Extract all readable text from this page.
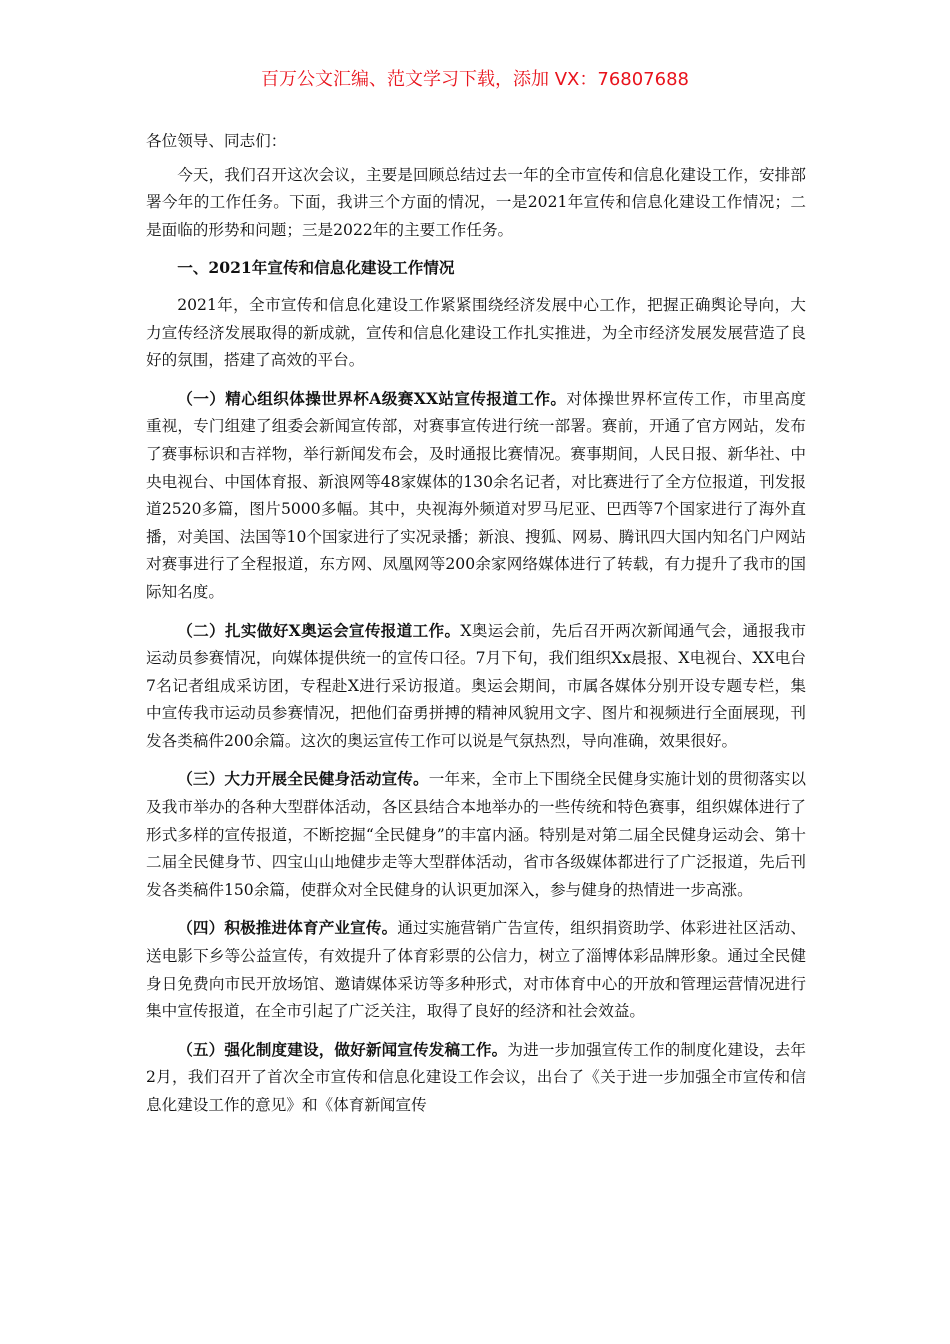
百万公文汇编、范文学习下载，添加 VX：76807688

各位领导、同志们：

今天，我们召开这次会议，主要是回顾总结过去一年的全市宣传和信息化建设工作，安排部署今年的工作任务。下面，我讲三个方面的情况，一是2021年宣传和信息化建设工作情况；二是面临的形势和问题；三是2022年的主要工作任务。

一、2021年宣传和信息化建设工作情况

2021年，全市宣传和信息化建设工作紧紧围绕经济发展中心工作，把握正确舆论导向，大力宣传经济发展取得的新成就，宣传和信息化建设工作扎实推进，为全市经济发展发展营造了良好的氛围，搭建了高效的平台。

（一）精心组织体操世界杯A级赛XX站宣传报道工作。对体操世界杯宣传工作，市里高度重视，专门组建了组委会新闻宣传部，对赛事宣传进行统一部署。赛前，开通了官方网站，发布了赛事标识和吉祥物，举行新闻发布会，及时通报比赛情况。赛事期间，人民日报、新华社、中央电视台、中国体育报、新浪网等48家媒体的130余名记者，对比赛进行了全方位报道，刊发报道2520多篇，图片5000多幅。其中，央视海外频道对罗马尼亚、巴西等7个国家进行了海外直播，对美国、法国等10个国家进行了实况录播；新浪、搜狐、网易、腾讯四大国内知名门户网站对赛事进行了全程报道，东方网、凤凰网等200余家网络媒体进行了转载，有力提升了我市的国际知名度。

（二）扎实做好X奥运会宣传报道工作。X奥运会前，先后召开两次新闻通气会，通报我市运动员参赛情况，向媒体提供统一的宣传口径。7月下旬，我们组织Xx晨报、X电视台、XX电台7名记者组成采访团，专程赴X进行采访报道。奥运会期间，市属各媒体分别开设专题专栏，集中宣传我市运动员参赛情况，把他们奋勇拼搏的精神风貌用文字、图片和视频进行全面展现，刊发各类稿件200余篇。这次的奥运宣传工作可以说是气氛热烈，导向准确，效果很好。

（三）大力开展全民健身活动宣传。一年来，全市上下围绕全民健身实施计划的贯彻落实以及我市举办的各种大型群体活动，各区县结合本地举办的一些传统和特色赛事，组织媒体进行了形式多样的宣传报道，不断挖掘“全民健身”的丰富内涵。特别是对第二届全民健身运动会、第十二届全民健身节、四宝山山地健步走等大型群体活动，省市各级媒体都进行了广泛报道，先后刊发各类稿件150余篇，使群众对全民健身的认识更加深入，参与健身的热情进一步高涨。

（四）积极推进体育产业宣传。通过实施营销广告宣传，组织捐资助学、体彩进社区活动、送电影下乡等公益宣传，有效提升了体育彩票的公信力，树立了淄博体彩品牌形象。通过全民健身日免费向市民开放场馆、邀请媒体采访等多种形式，对市体育中心的开放和管理运营情况进行集中宣传报道，在全市引起了广泛关注，取得了良好的经济和社会效益。

（五）强化制度建设，做好新闻宣传发稿工作。为进一步加强宣传工作的制度化建设，去年2月，我们召开了首次全市宣传和信息化建设工作会议，出台了《关于进一步加强全市宣传和信息化建设工作的意见》和《体育新闻宣传
